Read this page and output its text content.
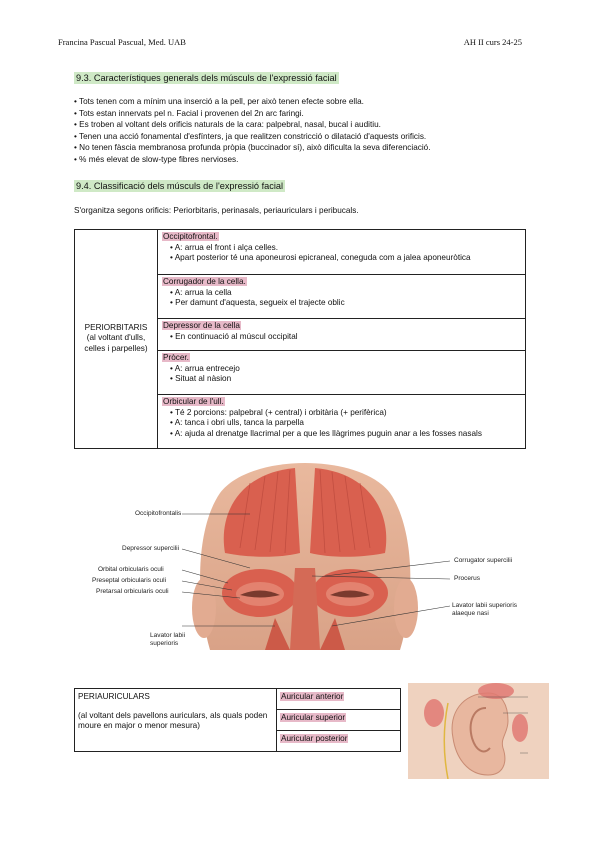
Francina Pascual Pascual, Med. UAB	AH II curs 24-25
9.3. Característiques generals dels músculs de l'expressió facial
• Tots tenen com a mínim una inserció a la pell, per això tenen efecte sobre ella.
• Tots estan innervats pel n. Facial i provenen del 2n arc faringi.
• Es troben al voltant dels orificis naturals de la cara: palpebral, nasal, bucal i auditiu.
• Tenen una acció fonamental d'esfínters, ja que realitzen constricció o dilatació d'aquests orificis.
• No tenen fàscia membranosa profunda pròpia (buccinador sí), això dificulta la seva diferenciació.
• % més elevat de slow-type fibres nervioses.
9.4. Classificació dels músculs de l'expressió facial
S'organitza segons orificis: Periorbitaris, perinasals, periauriculars i peribucals.
PERIORBITARIS
(al voltant d'ulls, celles i parpelles)
	Occipitofrontal.
• A: arrua el front i alça celles.
• Apart posterior té una aponeurosi epicraneal, coneguda com a jalea aponeuròtica

Corrugador de la cella.
• A: arrua la cella
• Per damunt d'aquesta, segueix el trajecte oblic

Depressor de la cella
• En continuació al múscul occipital

Pròcer.
• A: arrua entrecejo
• Situat al nàsion

Orbicular de l'ull.
• Té 2 porcions: palpebral (+ central) i orbitària (+ perifèrica)
• A: tanca i obri ulls, tanca la parpella
• A: ajuda al drenatge llacrimal per a que les llàgrimes puguin anar a les fosses nasals
Occipitofrontalis
Depressor supercilii
Orbital orbicularis oculi
Preseptal orbicularis oculi
Pretarsal orbicularis oculi
Lavator labii
superioris
Corrugator supercilii
Procerus
Lavator labii superioris
alaeque nasi
PERIAURICULARS
(al voltant dels pavellons auriculars, als quals poden moure en major o menor mesura)
	Auricular anterior
Auricular superior
Auricular posterior
